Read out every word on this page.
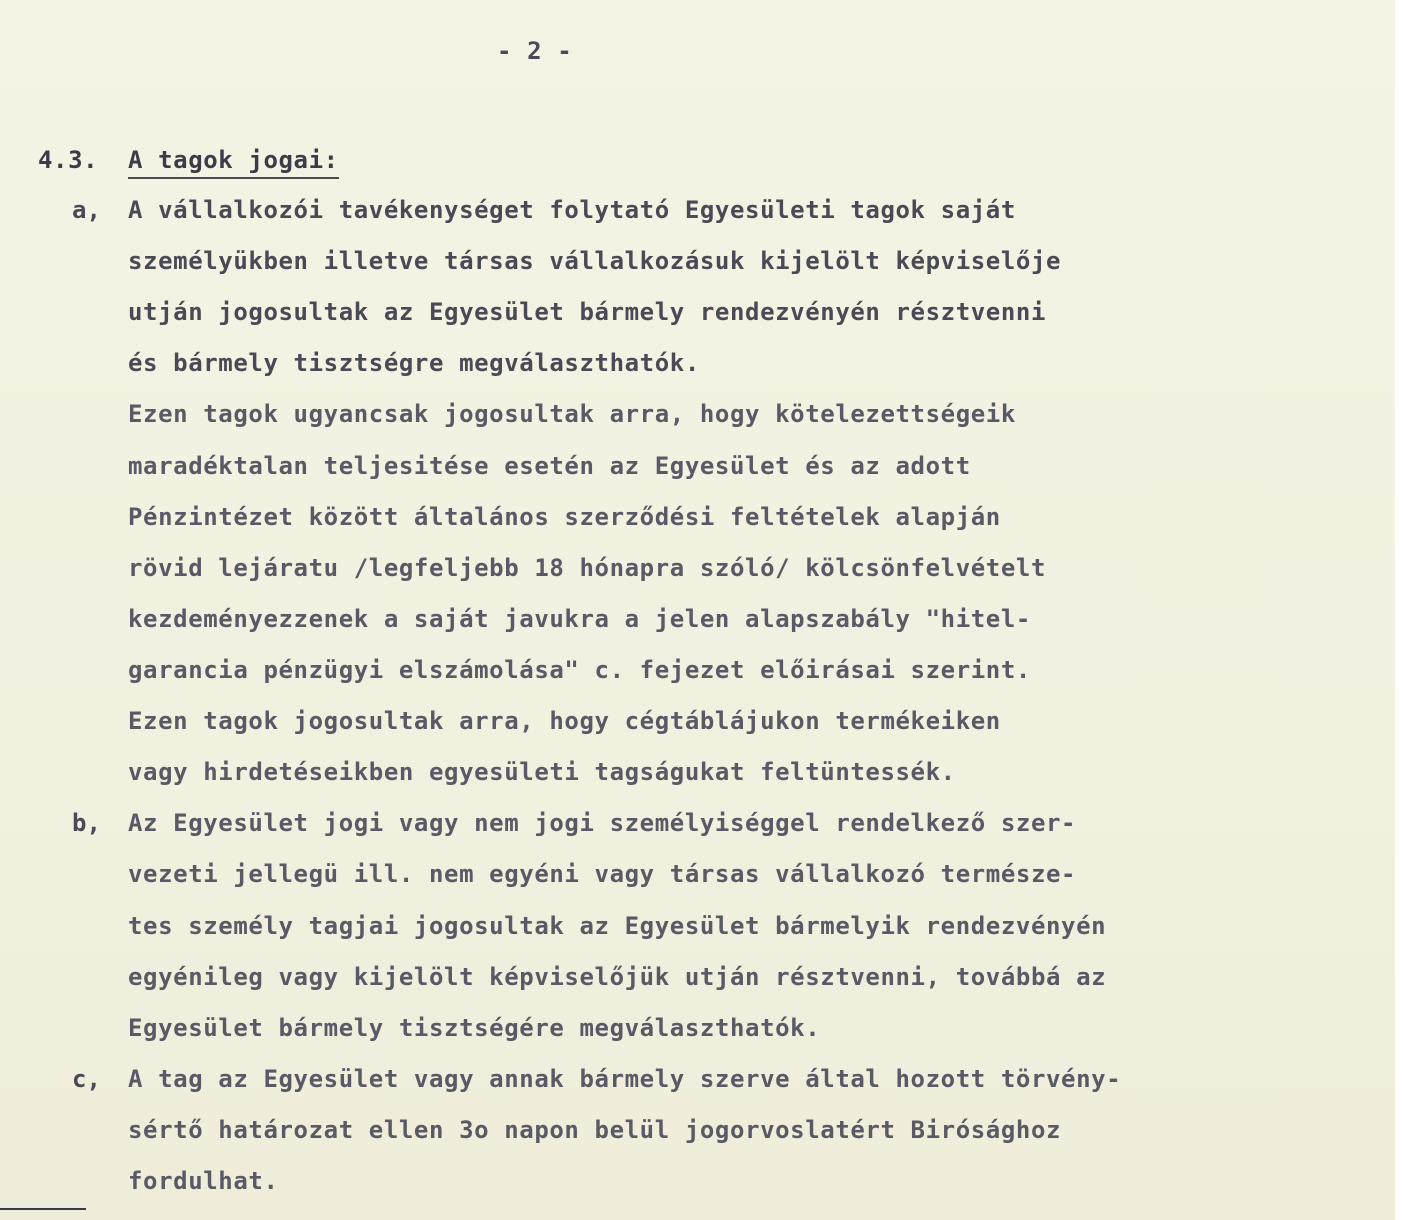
- 2 -
4.3. A tagok jogai:
a, A vállalkozói tavékenységet folytató Egyesületi tagok saját
személyükben illetve társas vállalkozásuk kijelölt képviselője
utján jogosultak az Egyesület bármely rendezvényén résztvenni
és bármely tisztségre megválaszthatók.
Ezen tagok ugyancsak jogosultak arra, hogy kötelezettségeik
maradéktalan teljesitése esetén az Egyesület és az adott
Pénzintézet között általános szerződési feltételek alapján
rövid lejáratu /legfeljebb 18 hónapra szóló/ kölcsönfelvételt
kezdeményezzenek a saját javukra a jelen alapszabály "hitel-
garancia pénzügyi elszámolása" c. fejezet előirásai szerint.
Ezen tagok jogosultak arra, hogy cégtáblájukon termékeiken
vagy hirdetéseikben egyesületi tagságukat feltüntessék.
b, Az Egyesület jogi vagy nem jogi személyiséggel rendelkező szer-
vezeti jellegü ill. nem egyéni vagy társas vállalkozó természe-
tes személy tagjai jogosultak az Egyesület bármelyik rendezvényén
egyénileg vagy kijelölt képviselőjük utján résztvenni, továbbá az
Egyesület bármely tisztségére megválaszthatók.
c, A tag az Egyesület vagy annak bármely szerve által hozott törvény-
sértő határozat ellen 3o napon belül jogorvoslatért Birósághoz
fordulhat.
